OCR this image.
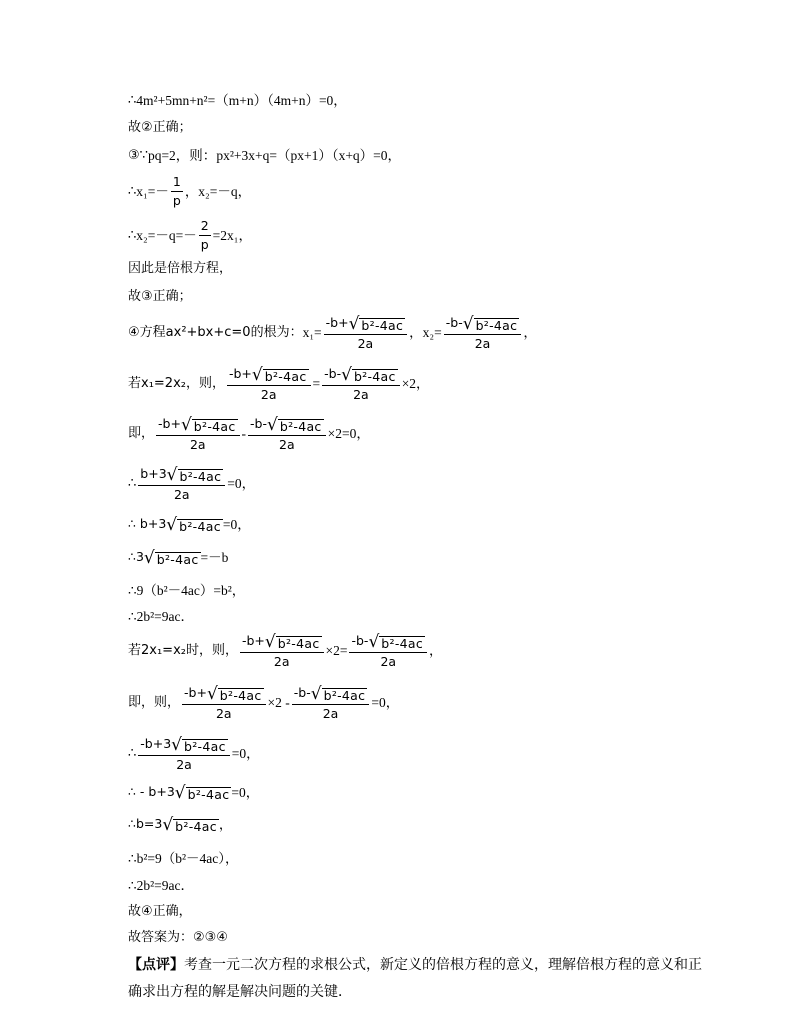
∴ 4m²+5mn+n²=（m+n）（4m+n）=0，
故②正确；
③∵ pq=2，则： px²+3x+q=（px+1）（x+q）=0，
∴ $x_1=- \frac{1}{p}$ ，x₂=－q，
∴ $x_2=-q=- \frac{2}{p} =2x_1$，
因此是倍根方程，
故③正确；
④方程ax²+bx+c=0的根为： $x_1= \frac{\text{-b+ √ b²-4ac}}{2a}$ ，$x_2= \frac{\text{-b- √ b²-4ac}}{2a}$ ，
若x₁=2x₂，则， $\frac{\text{-b+ √ b²-4ac}}{2a} = \frac{\text{-b- √ b²-4ac}}{2a} \times 2$，
即， $\frac{\text{-b+ √ b²-4ac}}{2a} - \frac{\text{-b- √ b²-4ac}}{2a} \times 2=0$，
∴ $\frac{\text{b+3 √ b²-4ac}}{2a} =0$，
∴ b+3 √ b²-4ac =0，
∴3 √ b²-4ac =－b
∴9（b²－4ac）=b²，
∴2b²=9ac．
若2x₁=x₂时，则， $\frac{\text{-b+ √ b²-4ac}}{2a} \times 2= \frac{\text{-b- √ b²-4ac}}{2a}$ ，
即，则， $\frac{\text{-b+ √ b²-4ac}}{2a} \times 2 - \frac{\text{-b- √ b²-4ac}}{2a} =0$，
∴ $\frac{\text{-b+3 √ b²-4ac}}{2a} =0$，
∴ - b+3 √ b²-4ac =0，
∴b=3 √ b²-4ac ，
∴b²=9（b²－4ac），
∴2b²=9ac．
故④正确，
故答案为：②③④
【点评】 考查一元二次方程的求根公式，新定义的倍根方程的意义，理解倍根方程的意义和正
确求出方程的解是解决问题的关键．
